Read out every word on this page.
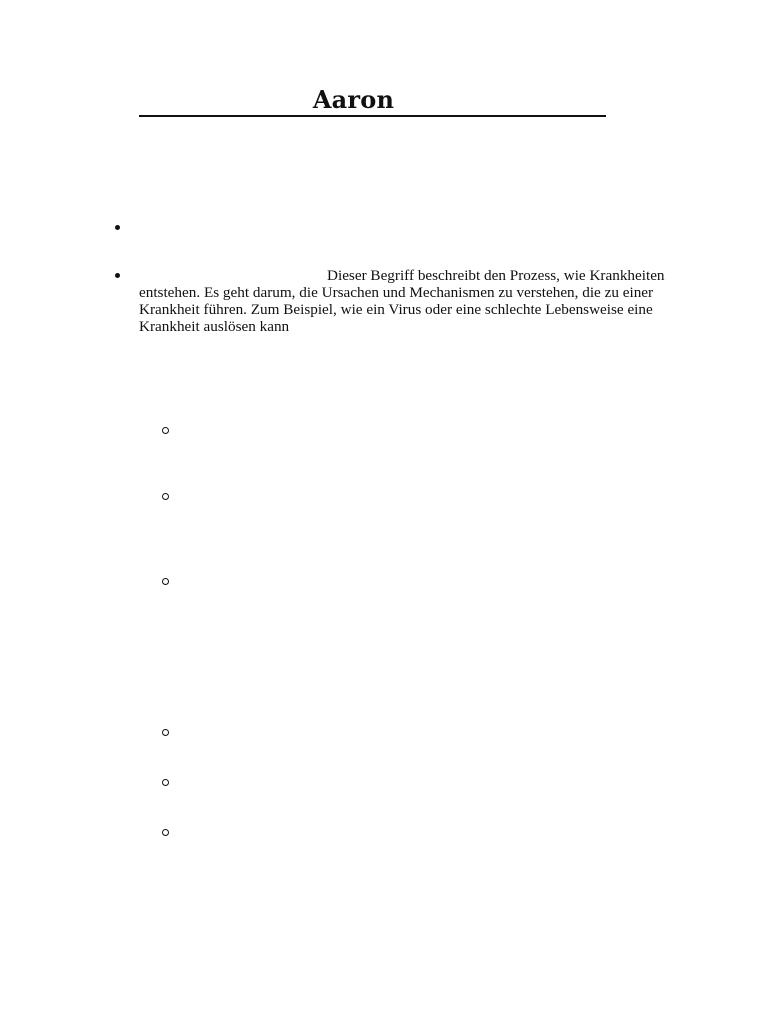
Aaron

Dieser Begriff beschreibt den Prozess, wie Krankheiten entstehen. Es geht darum, die Ursachen und Mechanismen zu verstehen, die zu einer Krankheit führen. Zum Beispiel, wie ein Virus oder eine schlechte Lebensweise eine Krankheit auslösen kann
